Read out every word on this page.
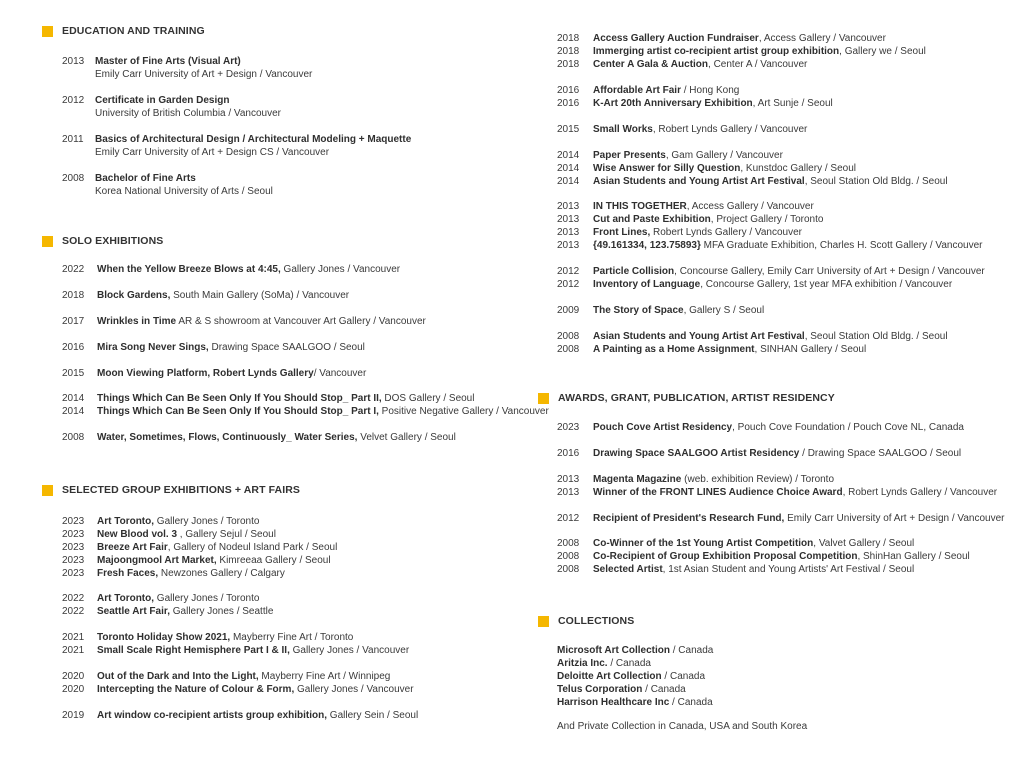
EDUCATION AND TRAINING
2013 Master of Fine Arts (Visual Art)
Emily Carr University of Art + Design / Vancouver
2012 Certificate in Garden Design
University of British Columbia / Vancouver
2011 Basics of Architectural Design / Architectural Modeling + Maquette
Emily Carr University of Art + Design CS / Vancouver
2008 Bachelor of Fine Arts
Korea National University of Arts / Seoul
SOLO EXHIBITIONS
2022 When the Yellow Breeze Blows at 4:45, Gallery Jones / Vancouver
2018 Block Gardens, South Main Gallery (SoMa) / Vancouver
2017 Wrinkles in Time AR & S showroom at Vancouver Art Gallery / Vancouver
2016 Mira Song Never Sings, Drawing Space SAALGOO / Seoul
2015 Moon Viewing Platform, Robert Lynds Gallery/ Vancouver
2014 Things Which Can Be Seen Only If You Should Stop_ Part II, DOS Gallery / Seoul
2014 Things Which Can Be Seen Only If You Should Stop_ Part I, Positive Negative Gallery / Vancouver
2008 Water, Sometimes, Flows, Continuously_ Water Series, Velvet Gallery / Seoul
SELECTED GROUP EXHIBITIONS + ART FAIRS
2023 Art Toronto, Gallery Jones / Toronto
2023 New Blood vol. 3 , Gallery Sejul / Seoul
2023 Breeze Art Fair, Gallery of Nodeul Island Park / Seoul
2023 Majoongmool Art Market, Kimreeaa Gallery / Seoul
2023 Fresh Faces, Newzones Gallery / Calgary
2022 Art Toronto, Gallery Jones / Toronto
2022 Seattle Art Fair, Gallery Jones / Seattle
2021 Toronto Holiday Show 2021, Mayberry Fine Art / Toronto
2021 Small Scale Right Hemisphere Part I & II, Gallery Jones / Vancouver
2020 Out of the Dark and Into the Light, Mayberry Fine Art / Winnipeg
2020 Intercepting the Nature of Colour & Form, Gallery Jones / Vancouver
2019 Art window co-recipient artists group exhibition, Gallery Sein / Seoul
2018 Access Gallery Auction Fundraiser, Access Gallery / Vancouver
2018 Immerging artist co-recipient artist group exhibition, Gallery we / Seoul
2018 Center A Gala & Auction, Center A / Vancouver
2016 Affordable Art Fair / Hong Kong
2016 K-Art 20th Anniversary Exhibition, Art Sunje / Seoul
2015 Small Works, Robert Lynds Gallery / Vancouver
2014 Paper Presents, Gam Gallery / Vancouver
2014 Wise Answer for Silly Question, Kunstdoc Gallery / Seoul
2014 Asian Students and Young Artist Art Festival, Seoul Station Old Bldg. / Seoul
2013 IN THIS TOGETHER, Access Gallery / Vancouver
2013 Cut and Paste Exhibition, Project Gallery / Toronto
2013 Front Lines, Robert Lynds Gallery / Vancouver
2013 {49.161334, 123.75893} MFA Graduate Exhibition, Charles H. Scott Gallery / Vancouver
2012 Particle Collision, Concourse Gallery, Emily Carr University of Art + Design / Vancouver
2012 Inventory of Language, Concourse Gallery, 1st year MFA exhibition / Vancouver
2009 The Story of Space, Gallery S / Seoul
2008 Asian Students and Young Artist Art Festival, Seoul Station Old Bldg. / Seoul
2008 A Painting as a Home Assignment, SINHAN Gallery / Seoul
AWARDS, GRANT, PUBLICATION, ARTIST RESIDENCY
2023 Pouch Cove Artist Residency, Pouch Cove Foundation / Pouch Cove NL, Canada
2016 Drawing Space SAALGOO Artist Residency / Drawing Space SAALGOO / Seoul
2013 Magenta Magazine (web. exhibition Review) / Toronto
2013 Winner of the FRONT LINES Audience Choice Award, Robert Lynds Gallery / Vancouver
2012 Recipient of President's Research Fund, Emily Carr University of Art + Design / Vancouver
2008 Co-Winner of the 1st Young Artist Competition, Valvet Gallery / Seoul
2008 Co-Recipient of Group Exhibition Proposal Competition, ShinHan Gallery / Seoul
2008 Selected Artist, 1st Asian Student and Young Artists' Art Festival / Seoul
COLLECTIONS
Microsoft Art Collection / Canada
Aritzia Inc. / Canada
Deloitte Art Collection / Canada
Telus Corporation / Canada
Harrison Healthcare Inc / Canada
And Private Collection in Canada, USA and South Korea
